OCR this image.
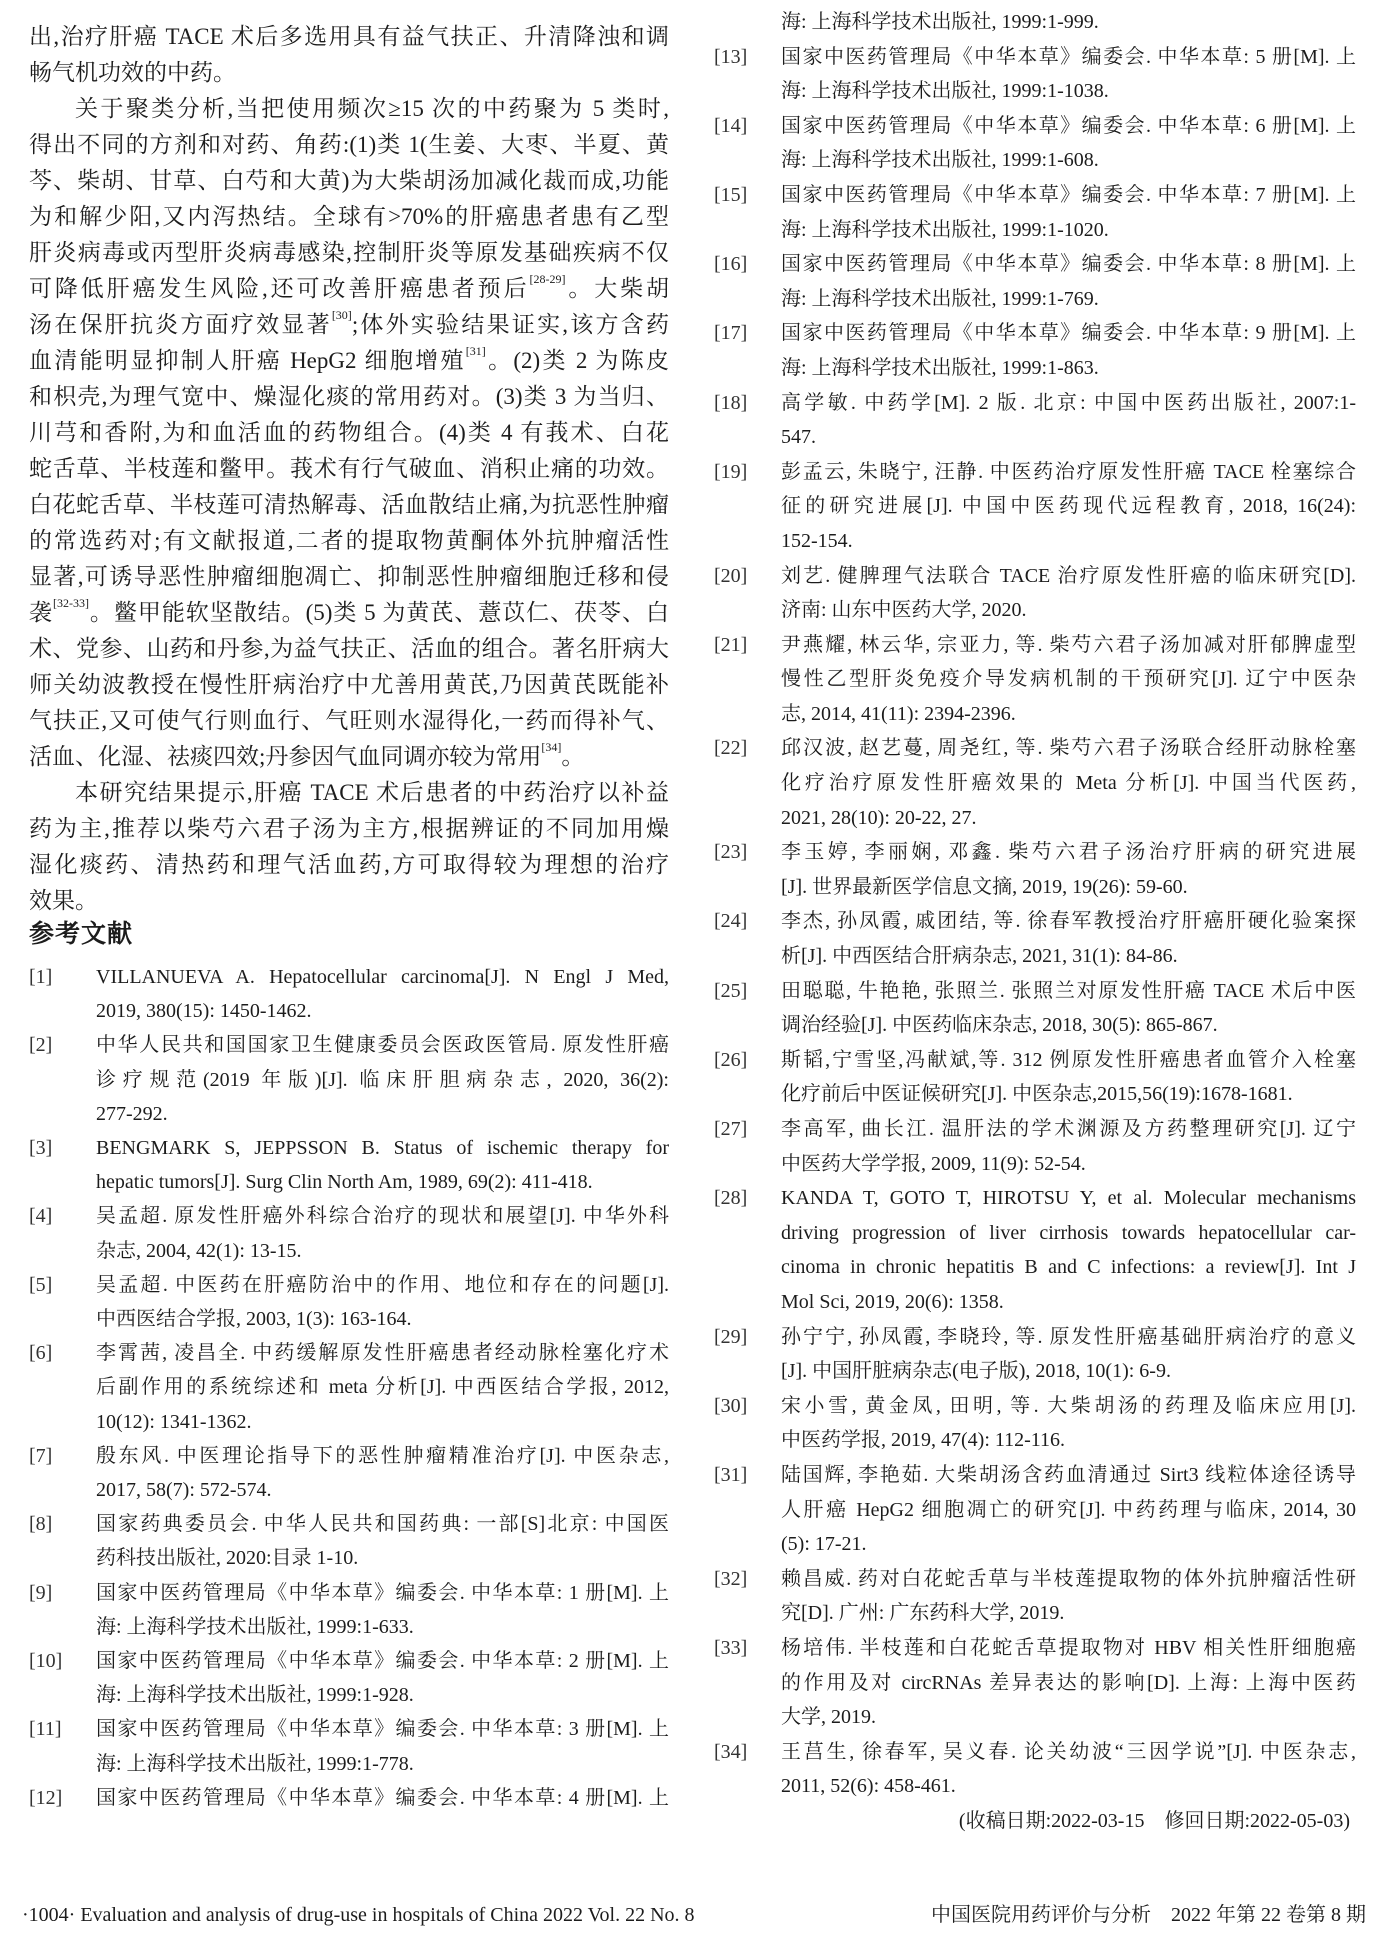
出,治疗肝癌 TACE 术后多选用具有益气扶正、升清降浊和调
畅气机功效的中药。
关于聚类分析,当把使用频次≥15 次的中药聚为 5 类时,
得出不同的方剂和对药、角药:(1)类 1(生姜、大枣、半夏、黄
芩、柴胡、甘草、白芍和大黄)为大柴胡汤加减化裁而成,功能
为和解少阳,又内泻热结。全球有>70%的肝癌患者患有乙型
肝炎病毒或丙型肝炎病毒感染,控制肝炎等原发基础疾病不仅
可降低肝癌发生风险,还可改善肝癌患者预后[28-29]。大柴胡
汤在保肝抗炎方面疗效显著[30];体外实验结果证实,该方含药
血清能明显抑制人肝癌 HepG2 细胞增殖[31]。(2)类 2 为陈皮
和枳壳,为理气宽中、燥湿化痰的常用药对。(3)类 3 为当归、
川芎和香附,为和血活血的药物组合。(4)类 4 有莪术、白花
蛇舌草、半枝莲和鳖甲。莪术有行气破血、消积止痛的功效。
白花蛇舌草、半枝莲可清热解毒、活血散结止痛,为抗恶性肿瘤
的常选药对;有文献报道,二者的提取物黄酮体外抗肿瘤活性
显著,可诱导恶性肿瘤细胞凋亡、抑制恶性肿瘤细胞迁移和侵
袭[32-33]。鳖甲能软坚散结。(5)类 5 为黄芪、薏苡仁、茯苓、白
术、党参、山药和丹参,为益气扶正、活血的组合。著名肝病大
师关幼波教授在慢性肝病治疗中尤善用黄芪,乃因黄芪既能补
气扶正,又可使气行则血行、气旺则水湿得化,一药而得补气、
活血、化湿、祛痰四效;丹参因气血同调亦较为常用[34]。
本研究结果提示,肝癌 TACE 术后患者的中药治疗以补益
药为主,推荐以柴芍六君子汤为主方,根据辨证的不同加用燥
湿化痰药、清热药和理气活血药,方可取得较为理想的治疗
效果。
参考文献
[1] VILLANUEVA A. Hepatocellular carcinoma[J]. N Engl J Med,
2019, 380(15): 1450-1462.
[2] 中华人民共和国国家卫生健康委员会医政医管局. 原发性肝癌
诊疗规范(2019 年版)[J]. 临床肝胆病杂志, 2020, 36(2):
277-292.
[3] BENGMARK S, JEPPSSON B. Status of ischemic therapy for
hepatic tumors[J]. Surg Clin North Am, 1989, 69(2): 411-418.
[4] 吴孟超. 原发性肝癌外科综合治疗的现状和展望[J]. 中华外科
杂志, 2004, 42(1): 13-15.
[5] 吴孟超. 中医药在肝癌防治中的作用、地位和存在的问题[J].
中西医结合学报, 2003, 1(3): 163-164.
[6] 李霄茜, 凌昌全. 中药缓解原发性肝癌患者经动脉栓塞化疗术
后副作用的系统综述和 meta 分析[J]. 中西医结合学报, 2012,
10(12): 1341-1362.
[7] 殷东风. 中医理论指导下的恶性肿瘤精准治疗[J]. 中医杂志,
2017, 58(7): 572-574.
[8] 国家药典委员会. 中华人民共和国药典: 一部[S]北京: 中国医
药科技出版社, 2020:目录 1-10.
[9] 国家中医药管理局《中华本草》编委会. 中华本草: 1 册[M]. 上
海: 上海科学技术出版社, 1999:1-633.
[10] 国家中医药管理局《中华本草》编委会. 中华本草: 2 册[M]. 上
海: 上海科学技术出版社, 1999:1-928.
[11] 国家中医药管理局《中华本草》编委会. 中华本草: 3 册[M]. 上
海: 上海科学技术出版社, 1999:1-778.
[12] 国家中医药管理局《中华本草》编委会. 中华本草: 4 册[M]. 上
海: 上海科学技术出版社, 1999:1-999.
[13] 国家中医药管理局《中华本草》编委会. 中华本草: 5 册[M]. 上
海: 上海科学技术出版社, 1999:1-1038.
[14] 国家中医药管理局《中华本草》编委会. 中华本草: 6 册[M]. 上
海: 上海科学技术出版社, 1999:1-608.
[15] 国家中医药管理局《中华本草》编委会. 中华本草: 7 册[M]. 上
海: 上海科学技术出版社, 1999:1-1020.
[16] 国家中医药管理局《中华本草》编委会. 中华本草: 8 册[M]. 上
海: 上海科学技术出版社, 1999:1-769.
[17] 国家中医药管理局《中华本草》编委会. 中华本草: 9 册[M]. 上
海: 上海科学技术出版社, 1999:1-863.
[18] 高学敏. 中药学[M]. 2 版. 北京: 中国中医药出版社, 2007:1-
547.
[19] 彭孟云, 朱晓宁, 汪静. 中医药治疗原发性肝癌 TACE 栓塞综合
征的研究进展[J]. 中国中医药现代远程教育, 2018, 16(24):
152-154.
[20] 刘艺. 健脾理气法联合 TACE 治疗原发性肝癌的临床研究[D].
济南: 山东中医药大学, 2020.
[21] 尹燕耀, 林云华, 宗亚力, 等. 柴芍六君子汤加减对肝郁脾虚型
慢性乙型肝炎免疫介导发病机制的干预研究[J]. 辽宁中医杂
志, 2014, 41(11): 2394-2396.
[22] 邱汉波, 赵艺蔓, 周尧红, 等. 柴芍六君子汤联合经肝动脉栓塞
化疗治疗原发性肝癌效果的 Meta 分析[J]. 中国当代医药,
2021, 28(10): 20-22, 27.
[23] 李玉婷, 李丽娴, 邓鑫. 柴芍六君子汤治疗肝病的研究进展
[J]. 世界最新医学信息文摘, 2019, 19(26): 59-60.
[24] 李杰, 孙凤霞, 戚团结, 等. 徐春军教授治疗肝癌肝硬化验案探
析[J]. 中西医结合肝病杂志, 2021, 31(1): 84-86.
[25] 田聪聪, 牛艳艳, 张照兰. 张照兰对原发性肝癌 TACE 术后中医
调治经验[J]. 中医药临床杂志, 2018, 30(5): 865-867.
[26] 斯韬,宁雪坚,冯献斌,等. 312 例原发性肝癌患者血管介入栓塞
化疗前后中医证候研究[J]. 中医杂志,2015,56(19):1678-1681.
[27] 李高军, 曲长江. 温肝法的学术渊源及方药整理研究[J]. 辽宁
中医药大学学报, 2009, 11(9): 52-54.
[28] KANDA T, GOTO T, HIROTSU Y, et al. Molecular mechanisms
driving progression of liver cirrhosis towards hepatocellular car-
cinoma in chronic hepatitis B and C infections: a review[J]. Int J
Mol Sci, 2019, 20(6): 1358.
[29] 孙宁宁, 孙凤霞, 李晓玲, 等. 原发性肝癌基础肝病治疗的意义
[J]. 中国肝脏病杂志(电子版), 2018, 10(1): 6-9.
[30] 宋小雪, 黄金凤, 田明, 等. 大柴胡汤的药理及临床应用[J].
中医药学报, 2019, 47(4): 112-116.
[31] 陆国辉, 李艳茹. 大柴胡汤含药血清通过 Sirt3 线粒体途径诱导
人肝癌 HepG2 细胞凋亡的研究[J]. 中药药理与临床, 2014, 30
(5): 17-21.
[32] 赖昌威. 药对白花蛇舌草与半枝莲提取物的体外抗肿瘤活性研
究[D]. 广州: 广东药科大学, 2019.
[33] 杨培伟. 半枝莲和白花蛇舌草提取物对 HBV 相关性肝细胞癌
的作用及对 circRNAs 差异表达的影响[D]. 上海: 上海中医药
大学, 2019.
[34] 王莒生, 徐春军, 吴义春. 论关幼波“三因学说”[J]. 中医杂志,
2011, 52(6): 458-461.
(收稿日期:2022-03-15　修回日期:2022-05-03)
·1004· Evaluation and analysis of drug-use in hospitals of China 2022 Vol. 22 No. 8	中国医院用药评价与分析　2022 年第 22 卷第 8 期
